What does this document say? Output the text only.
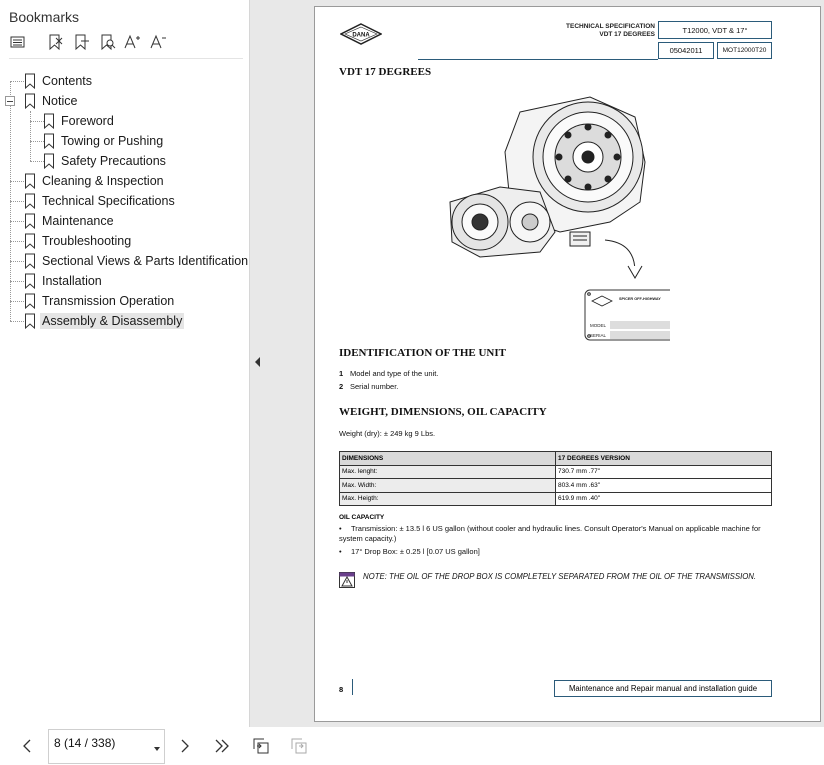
Bookmarks
Contents
Notice
Foreword
Towing or Pushing
Safety Precautions
Cleaning & Inspection
Technical Specifications
Maintenance
Troubleshooting
Sectional Views & Parts Identification
Installation
Transmission Operation
Assembly & Disassembly
DANA
TECHNICAL SPECIFICATION
VDT 17 DEGREES	T12000, VDT & 17°
05042011	MOT12000T20
VDT 17 DEGREES
SPICER OFF-HIGHWAY
MODEL
SERIAL
IDENTIFICATION OF THE UNIT
1 Model and type of the unit.
2 Serial number.
WEIGHT, DIMENSIONS, OIL CAPACITY
Weight (dry): ± 249 kg 9 Lbs.
DIMENSIONS	17 DEGREES VERSION
Max. lenght:	730.7 mm .77"
Max. Width:	803.4 mm .63"
Max. Heigth:	619.9 mm .40"
OIL CAPACITY
• Transmission: ± 13.5 l 6 US gallon (without cooler and hydraulic lines. Consult Operator's Manual on applicable machine for system capacity.)
• 17° Drop Box: ± 0.25 l [0.07 US gallon]
NOTE: THE OIL OF THE DROP BOX IS COMPLETELY SEPARATED FROM THE OIL OF THE TRANSMISSION.
8	Maintenance and Repair manual and installation guide
8 (14 / 338)
